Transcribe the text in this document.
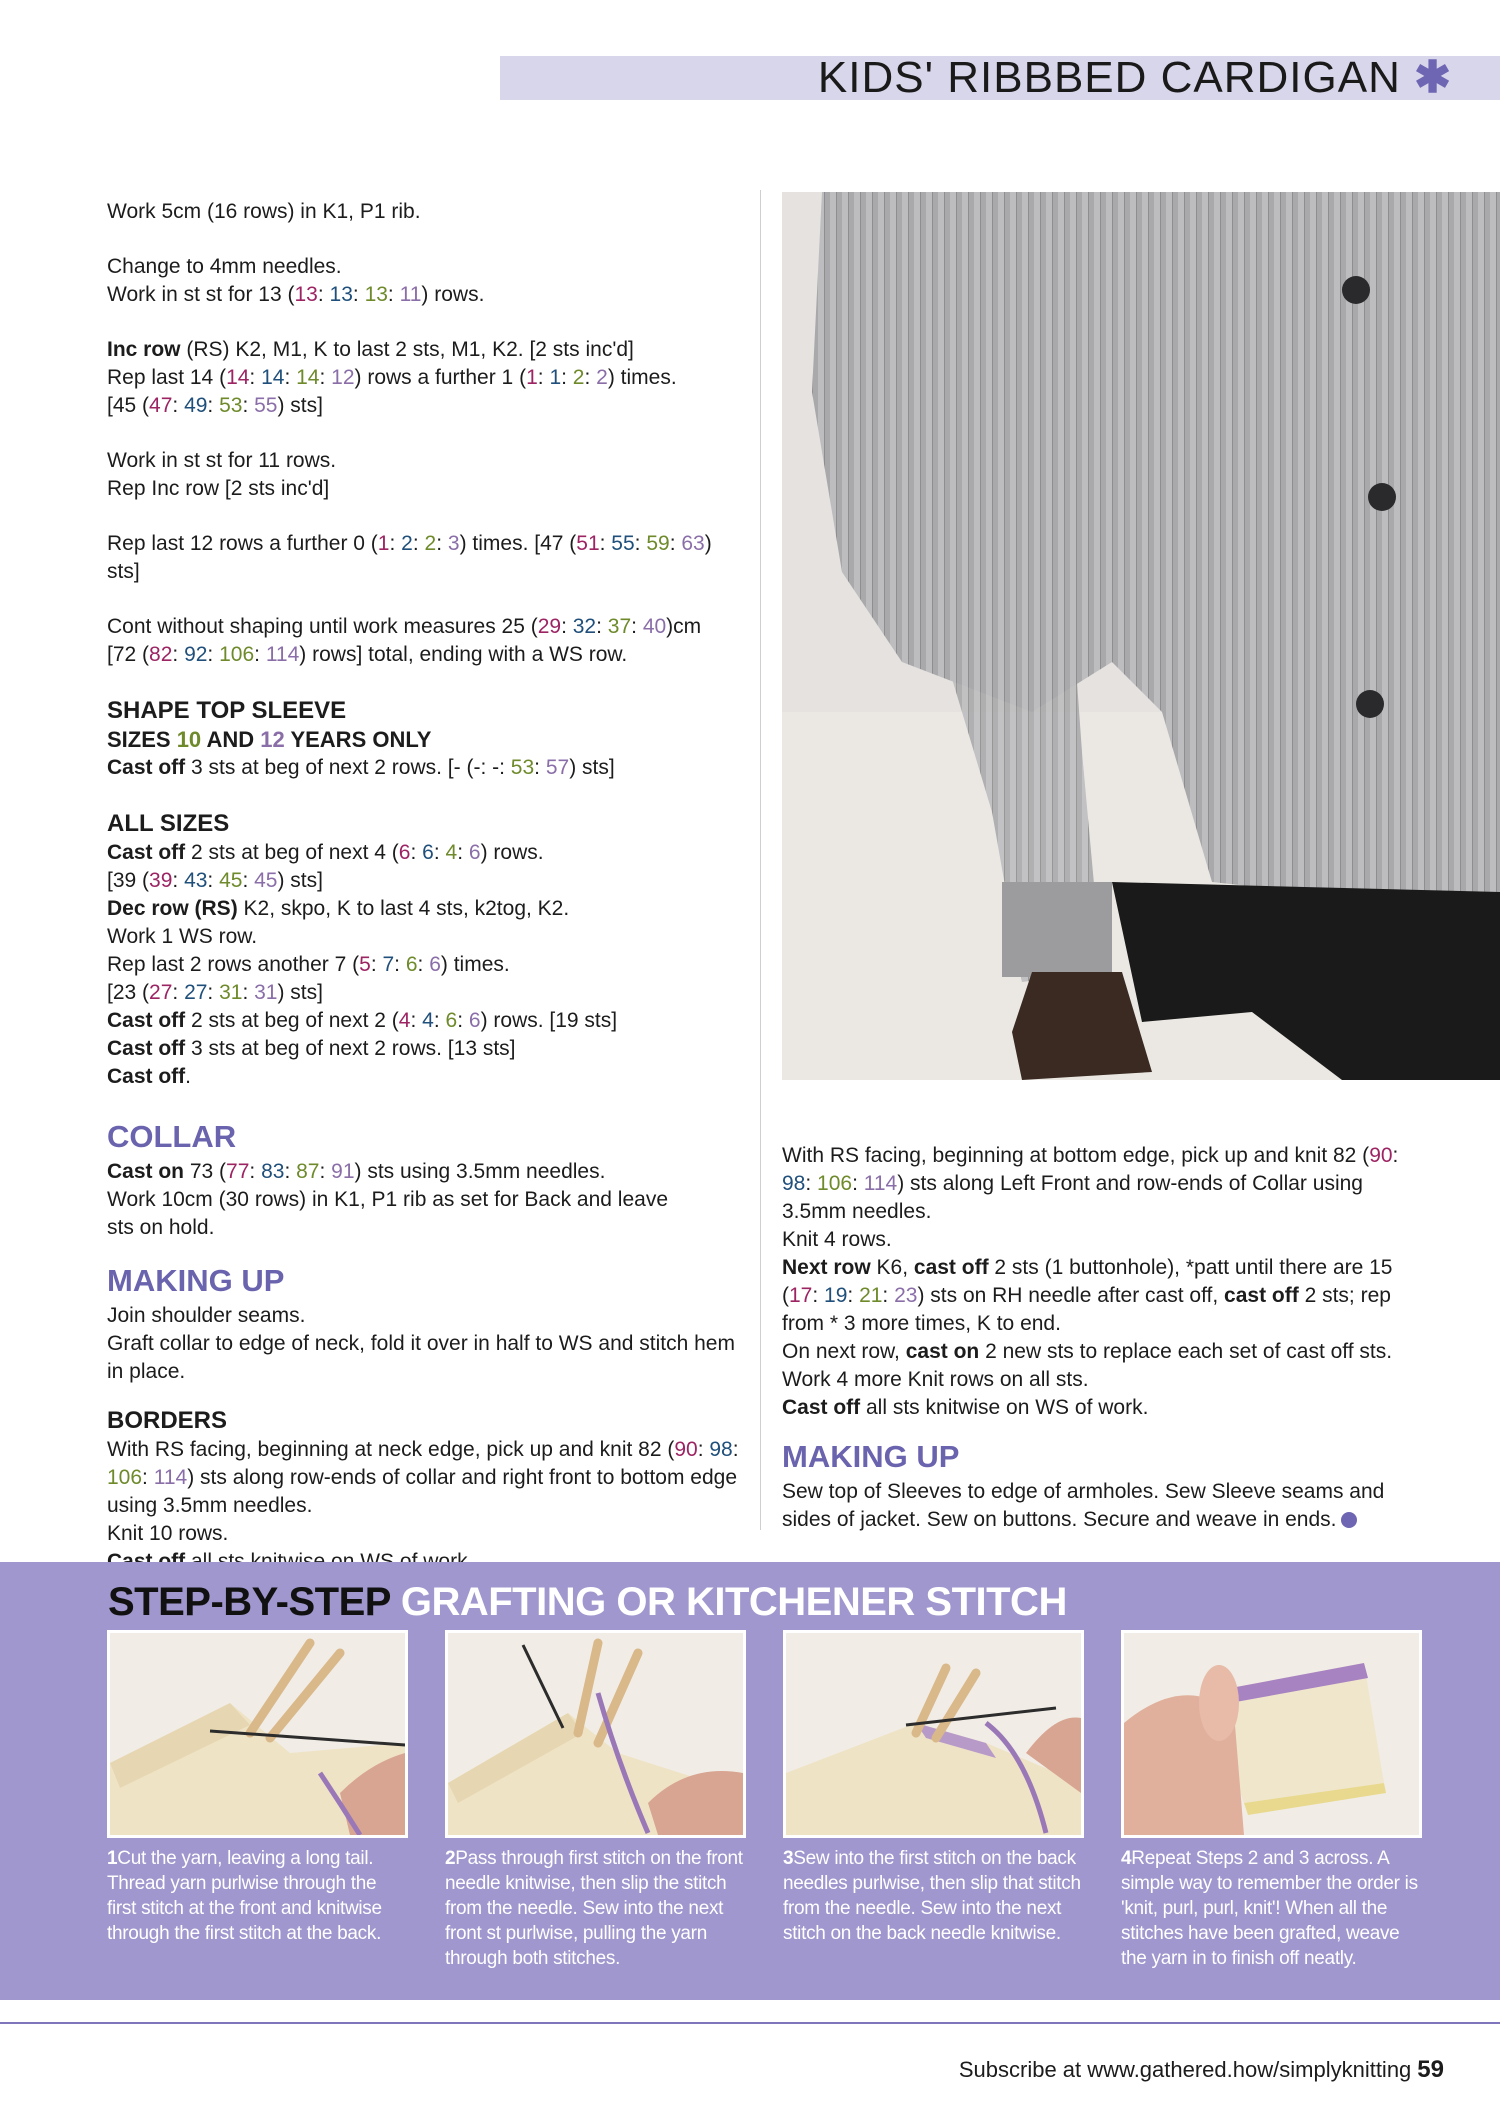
KIDS' RIBBBED CARDIGAN ✱

Work 5cm (16 rows) in K1, P1 rib.

Change to 4mm needles.
Work in st st for 13 (13: 13: 13: 11) rows.
Inc row (RS) K2, M1, K to last 2 sts, M1, K2. [2 sts inc'd]
Rep last 14 (14: 14: 14: 12) rows a further 1 (1: 1: 2: 2) times.
[45 (47: 49: 53: 55) sts]
Work in st st for 11 rows.
Rep Inc row [2 sts inc'd]

Rep last 12 rows a further 0 (1: 2: 2: 3) times. [47 (51: 55: 59: 63) sts]

Cont without shaping until work measures 25 (29: 32: 37: 40)cm
[72 (82: 92: 106: 114) rows] total, ending with a WS row.
SHAPE TOP SLEEVE
SIZES 10 AND 12 YEARS ONLY
Cast off 3 sts at beg of next 2 rows. [- (-: -: 53: 57) sts]
ALL SIZES
Cast off 2 sts at beg of next 4 (6: 6: 4: 6) rows.
[39 (39: 43: 45: 45) sts]
Dec row (RS) K2, skpo, K to last 4 sts, k2tog, K2.
Work 1 WS row.
Rep last 2 rows another 7 (5: 7: 6: 6) times.
[23 (27: 27: 31: 31) sts]
Cast off 2 sts at beg of next 2 (4: 4: 6: 6) rows. [19 sts]
Cast off 3 sts at beg of next 2 rows. [13 sts]
Cast off.
COLLAR
Cast on 73 (77: 83: 87: 91) sts using 3.5mm needles.
Work 10cm (30 rows) in K1, P1 rib as set for Back and leave
sts on hold.
MAKING UP
Join shoulder seams.
Graft collar to edge of neck, fold it over in half to WS and stitch hem
in place.
BORDERS
With RS facing, beginning at neck edge, pick up and knit 82 (90: 98:
106: 114) sts along row-ends of collar and right front to bottom edge
using 3.5mm needles.
Knit 10 rows.
With RS facing, beginning at bottom edge, pick up and knit 82 (90:
98: 106: 114) sts along Left Front and row-ends of Collar using
3.5mm needles.
Knit 4 rows.
Next row K6, cast off 2 sts (1 buttonhole), *patt until there are 15
(17: 19: 21: 23) sts on RH needle after cast off, cast off 2 sts; rep
from * 3 more times, K to end.
On next row, cast on 2 new sts to replace each set of cast off sts.
Work 4 more Knit rows on all sts.
Cast off all sts knitwise on WS of work.
MAKING UP
Sew top of Sleeves to edge of armholes. Sew Sleeve seams and
sides of jacket. Sew on buttons. Secure and weave in ends.
STEP-BY-STEP GRAFTING OR KITCHENER STITCH
1Cut the yarn, leaving a long tail. Thread yarn purlwise through the first stitch at the front and knitwise through the first stitch at the back.
2Pass through first stitch on the front needle knitwise, then slip the stitch from the needle. Sew into the next front st purlwise, pulling the yarn through both stitches.
3Sew into the first stitch on the back needles purlwise, then slip that stitch from the needle. Sew into the next stitch on the back needle knitwise.
4Repeat Steps 2 and 3 across. A simple way to remember the order is 'knit, purl, purl, knit'! When all the stitches have been grafted, weave the yarn in to finish off neatly.
Subscribe at www.gathered.how/simplyknitting 59
